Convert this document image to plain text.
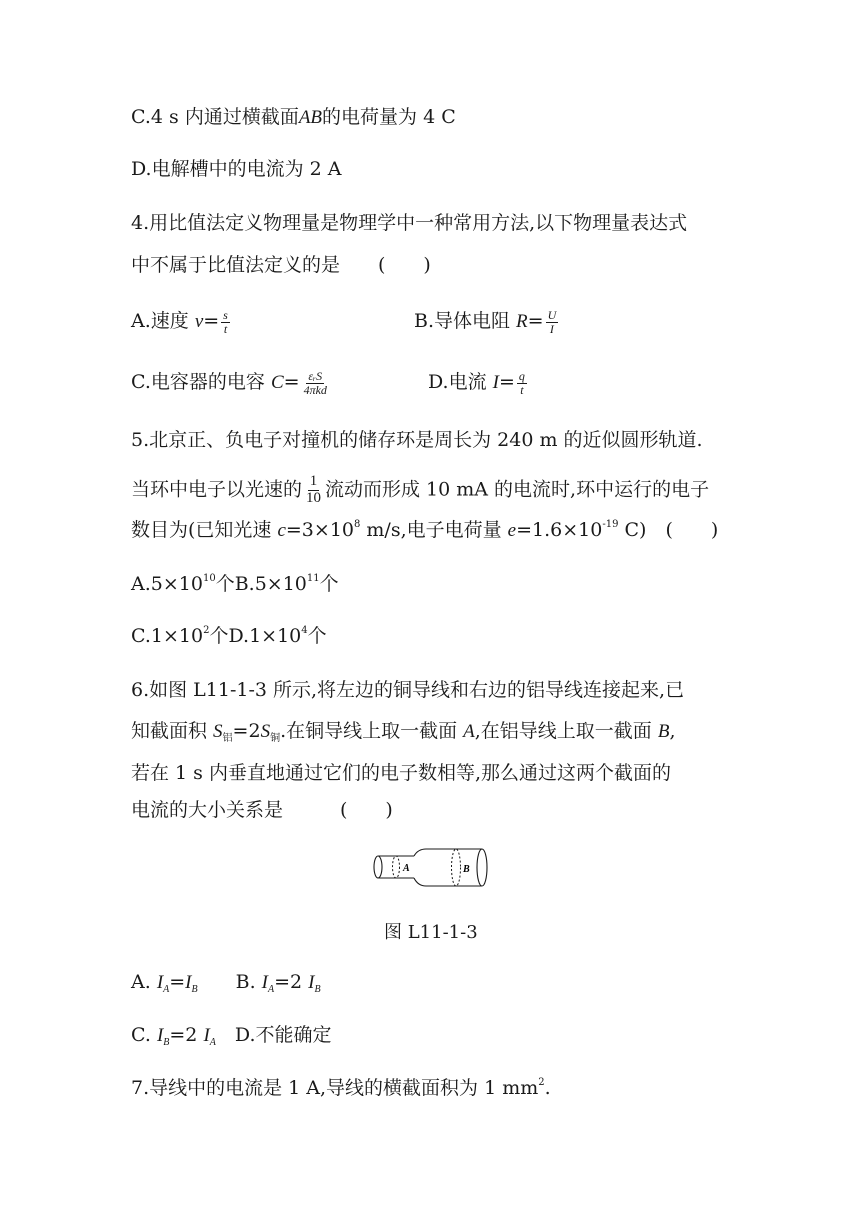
C.4 s 内通过横截面AB的电荷量为 4 C
D.电解槽中的电流为 2 A
4.用比值法定义物理量是物理学中一种常用方法,以下物理量表达式
中不属于比值法定义的是　　(　　)
A.速度 $v= \frac{s}{t}$	B.导体电阻 $R= \frac{U}{I}$
C.电容器的电容 $C= \frac{\text{εᵣS}}{\text{4πkd}}$	D.电流 $I= \frac{q}{t}$
5.北京正、负电子对撞机的储存环是周长为 240 m 的近似圆形轨道.
当环中电子以光速的 $\frac{1}{10}$ 流动而形成 10 mA 的电流时,环中运行的电子
数目为(已知光速 $c=3\times 10^8$ m/s,电子电荷量 $e=1.6\times 10^{-19}$ C)　(　　)
$A.5\times 10^{10}$个$B.5\times 10^{11}$个
$C.1\times 10^2$个$D.1\times 10^4$个
6.如图 L11-1-3 所示,将左边的铜导线和右边的铝导线连接起来,已
知截面积 $S_铝=2S_铜$.在铜导线上取一截面 A,在铝导线上取一截面 B,
若在 1 s 内垂直地通过它们的电子数相等,那么通过这两个截面的
电流的大小关系是　　　(　　)
A	B
图 L11-1-3
A. $I_A=I_B$　　B. $I_A=2$ $I_B$
C. $I_B=2$ $I_A$　D.不能确定
7.导线中的电流是 1 A,导线的横截面积为 1 $mm^2$.
